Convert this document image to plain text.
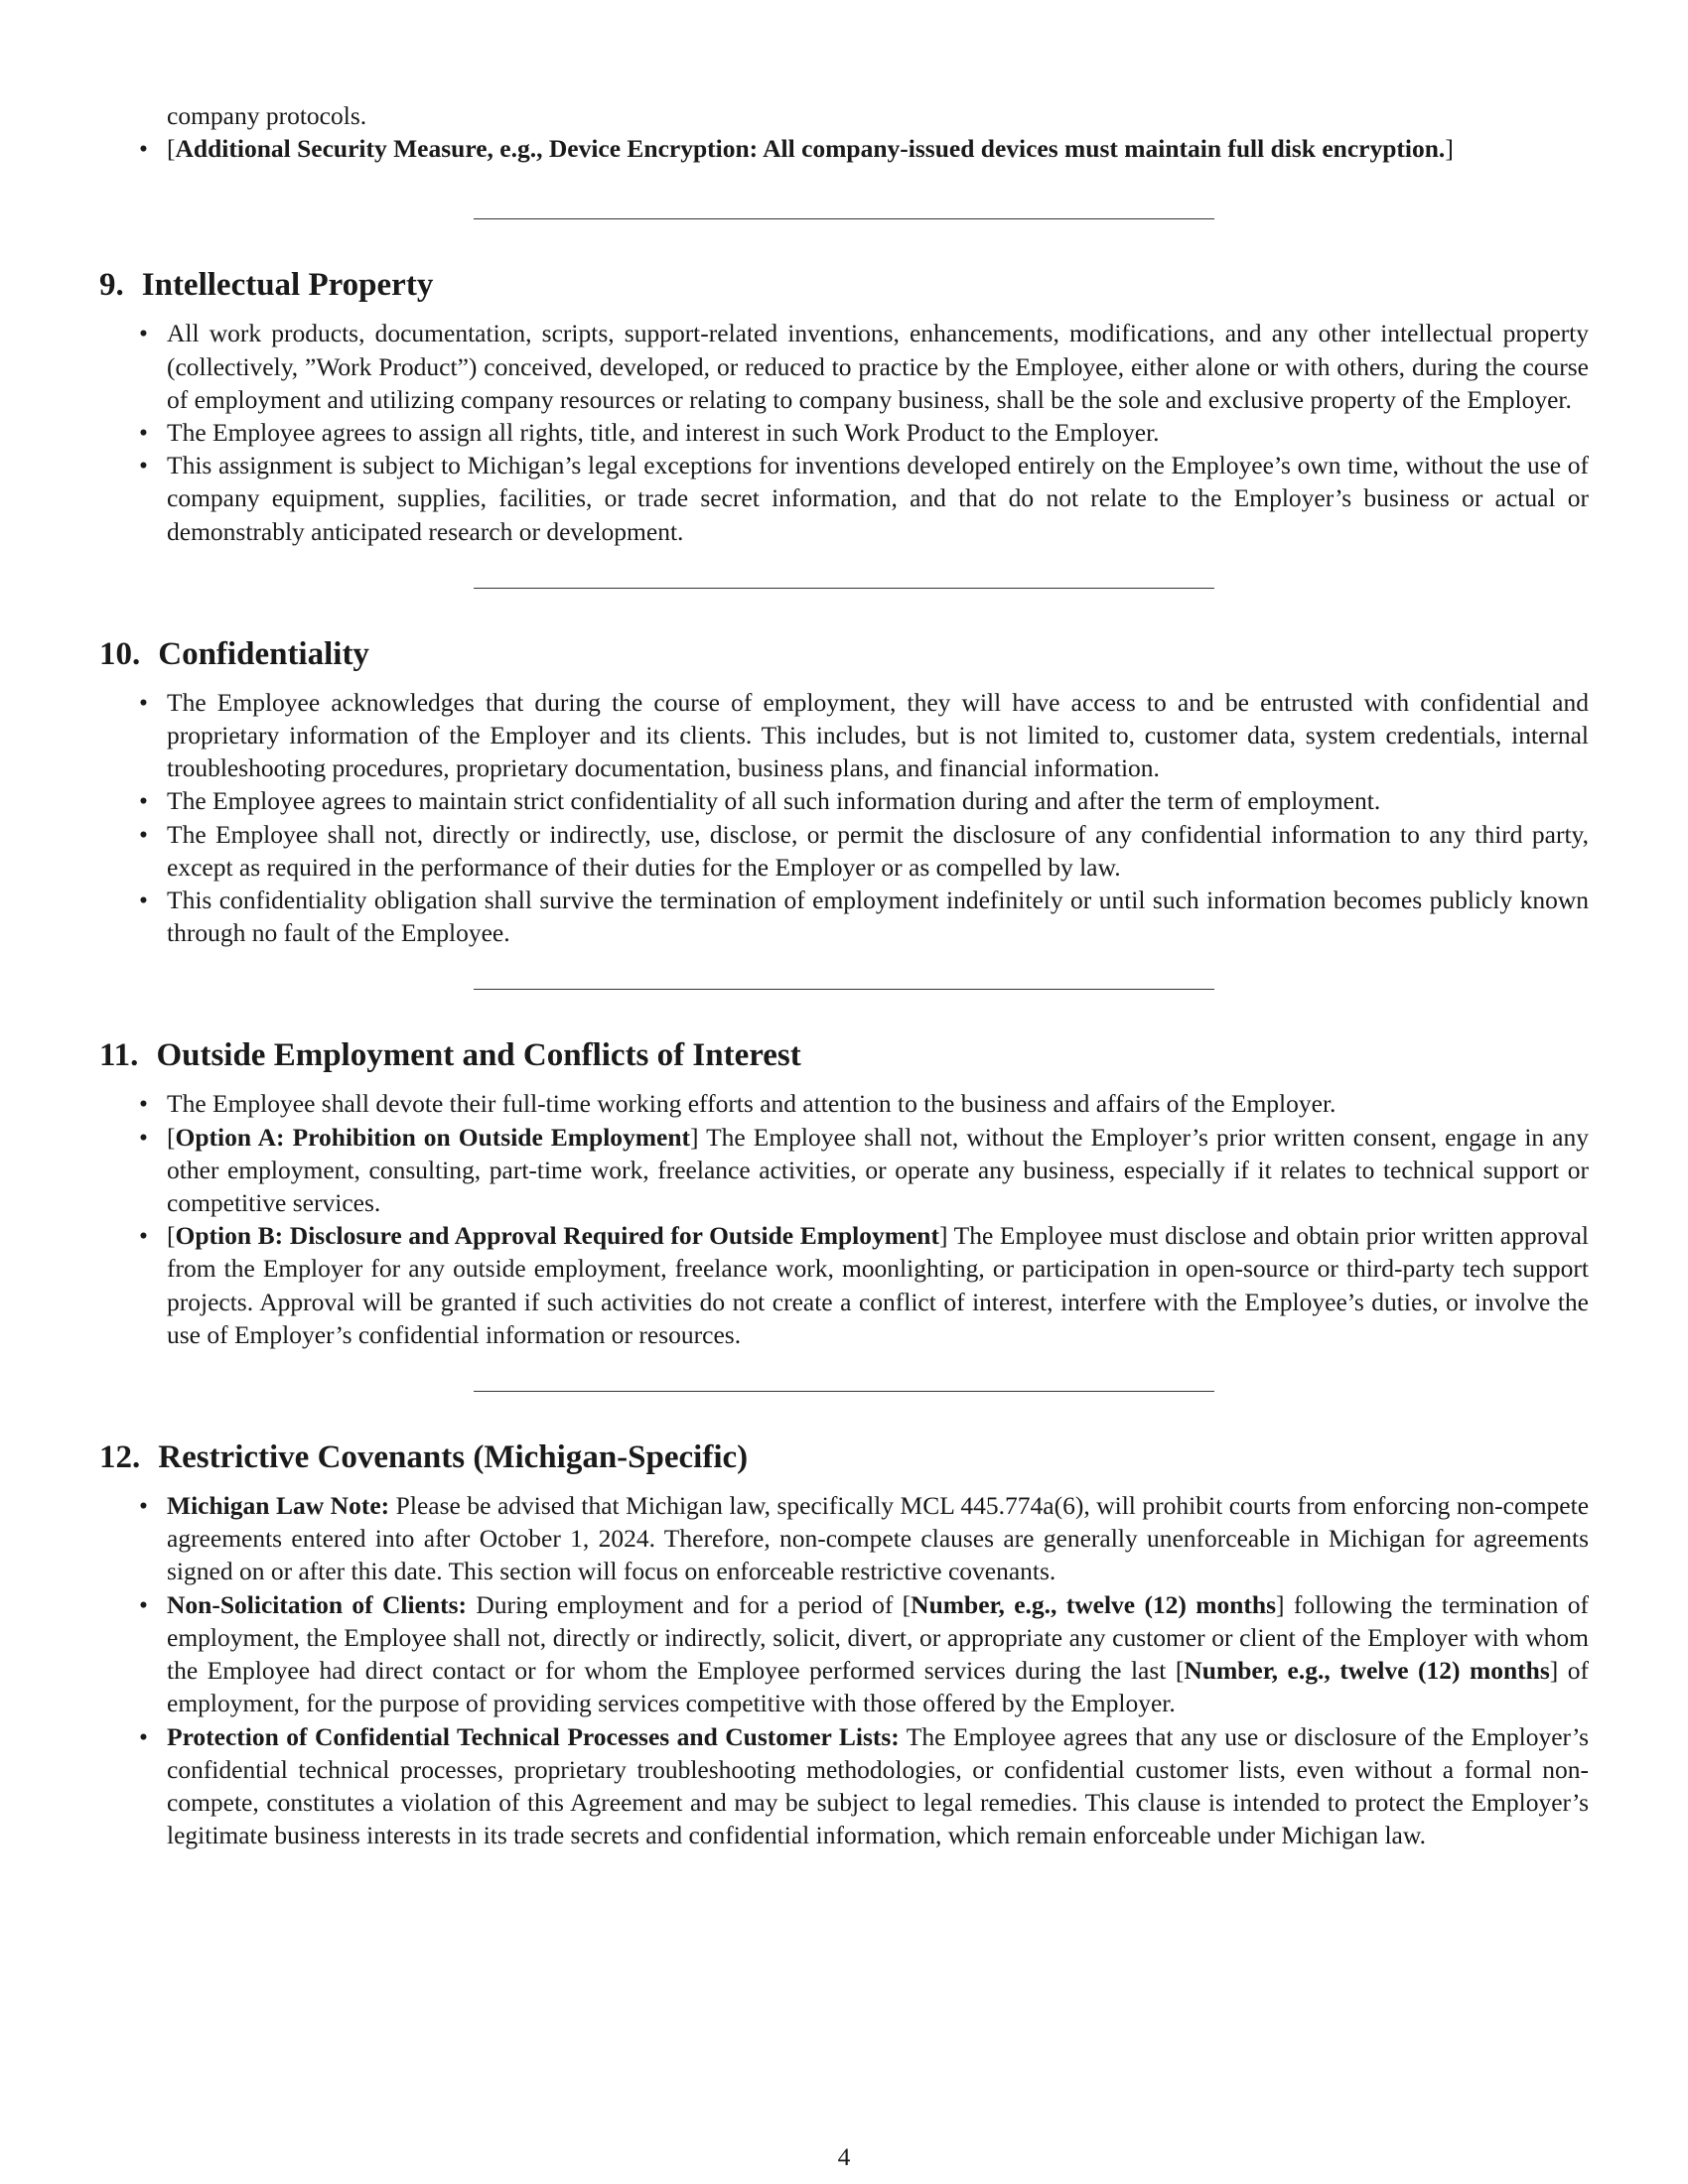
company protocols.
• [Additional Security Measure, e.g., Device Encryption: All company-issued devices must maintain full disk encryption.]
9. Intellectual Property
• All work products, documentation, scripts, support-related inventions, enhancements, modifications, and any other intellectual property (collectively, ”Work Product”) conceived, developed, or reduced to practice by the Employee, either alone or with others, during the course of employment and utilizing company resources or relating to company business, shall be the sole and exclusive property of the Employer.
• The Employee agrees to assign all rights, title, and interest in such Work Product to the Employer.
• This assignment is subject to Michigan’s legal exceptions for inventions developed entirely on the Employee’s own time, without the use of company equipment, supplies, facilities, or trade secret information, and that do not relate to the Employer’s business or actual or demonstrably anticipated research or development.
10. Confidentiality
• The Employee acknowledges that during the course of employment, they will have access to and be entrusted with confidential and proprietary information of the Employer and its clients. This includes, but is not limited to, customer data, system credentials, internal troubleshooting procedures, proprietary documentation, business plans, and financial information.
• The Employee agrees to maintain strict confidentiality of all such information during and after the term of employment.
• The Employee shall not, directly or indirectly, use, disclose, or permit the disclosure of any confidential information to any third party, except as required in the performance of their duties for the Employer or as compelled by law.
• This confidentiality obligation shall survive the termination of employment indefinitely or until such information becomes publicly known through no fault of the Employee.
11. Outside Employment and Conflicts of Interest
• The Employee shall devote their full-time working efforts and attention to the business and affairs of the Employer.
• [Option A: Prohibition on Outside Employment] The Employee shall not, without the Employer’s prior written consent, engage in any other employment, consulting, part-time work, freelance activities, or operate any business, especially if it relates to technical support or competitive services.
• [Option B: Disclosure and Approval Required for Outside Employment] The Employee must disclose and obtain prior written approval from the Employer for any outside employment, freelance work, moonlighting, or participation in open-source or third-party tech support projects. Approval will be granted if such activities do not create a conflict of interest, interfere with the Employee’s duties, or involve the use of Employer’s confidential information or resources.
12. Restrictive Covenants (Michigan-Specific)
• Michigan Law Note: Please be advised that Michigan law, specifically MCL 445.774a(6), will prohibit courts from enforcing non-compete agreements entered into after October 1, 2024. Therefore, non-compete clauses are generally unenforceable in Michigan for agreements signed on or after this date. This section will focus on enforceable restrictive covenants.
• Non-Solicitation of Clients: During employment and for a period of [Number, e.g., twelve (12) months] following the termination of employment, the Employee shall not, directly or indirectly, solicit, divert, or appropriate any customer or client of the Employer with whom the Employee had direct contact or for whom the Employee performed services during the last [Number, e.g., twelve (12) months] of employment, for the purpose of providing services competitive with those offered by the Employer.
• Protection of Confidential Technical Processes and Customer Lists: The Employee agrees that any use or disclosure of the Employer’s confidential technical processes, proprietary troubleshooting methodologies, or confidential customer lists, even without a formal non-compete, constitutes a violation of this Agreement and may be subject to legal remedies. This clause is intended to protect the Employer’s legitimate business interests in its trade secrets and confidential information, which remain enforceable under Michigan law.
4
